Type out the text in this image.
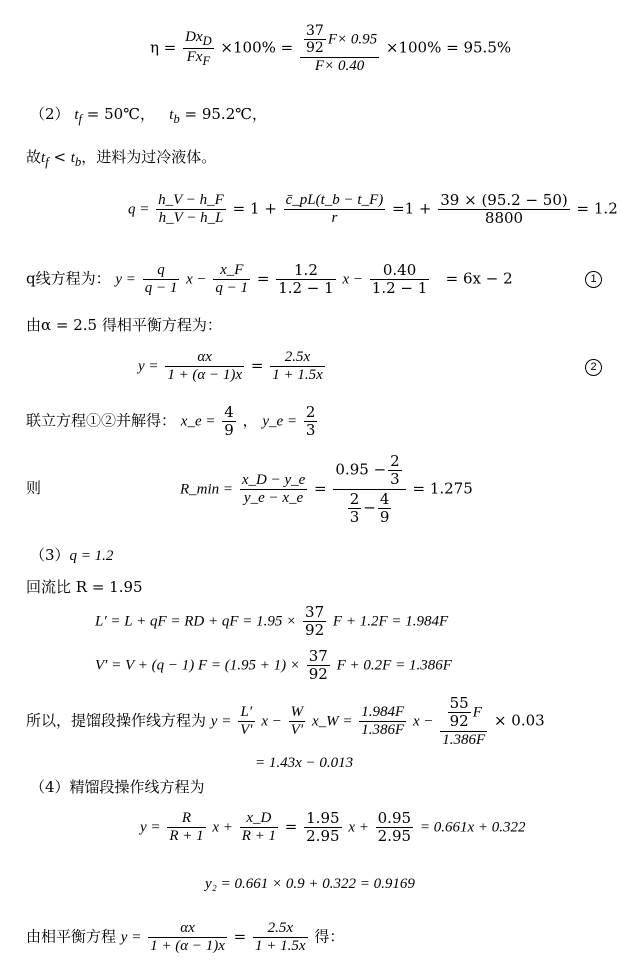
$\eta = \frac{Dx_D}{Fx_F} \times 100\% = \frac{\frac{37}{92} F\times 0.95}{F\times 0.40} \times 100\% = 95.5\%$
（2） $t_f$ = 50℃， $t_b$ = 95.2℃，
故$t_f < t_b$，进料为过冷液体。
$q = \frac{h\_V - h\_F}{h\_V - h\_L} = 1 + \frac{c̄\_pL(t\_b - t\_F)}{r} =1 + \frac{39 \times (95.2 - 50)}{8800} = 1.2$
q线方程为： $y = \frac{q}{q - 1}$ $x - \frac{x\_F}{q - 1} = \frac{1.2}{1.2 - 1}$ $x - \frac{0.40}{1.2 - 1} = 6x - 2$	1
由α = 2.5 得相平衡方程为：
$y = \frac{\alpha x}{1 + (\alpha - 1)x} = \frac{2.5x}{1 + 1.5x}$	2
联立方程①②并解得： x_e = $\frac{4}{9}$ ， y_e = $\frac{2}{3}$
则	R_min = $\frac{x\_D - y\_e}{y\_e - x\_e} = \frac{0.95 - \frac{2}{3}}{\frac{2}{3} - \frac{4}{9}} = 1.275$
（3）q = 1.2
回流比 R = 1.95
L′ = L + qF = RD + qF = $1.95 \times \frac{37}{92}$ F + 1.2F = 1.984F
V′ = V + (q − 1) $F = (1.95 + 1) \times \frac{37}{92}$ F + 0.2F = 1.386F
所以，提馏段操作线方程为 $y = \frac{L'}{V'}$ $x - \frac{W}{V'}$ x_W = $\frac{1.984F}{1.386F}$ $x - \frac{\frac{55}{92} F}{1.386F} \times 0.03$
= 1.43x − 0.013
（4）精馏段操作线方程为
$y = \frac{R}{R + 1}$ $x + \frac{x\_D}{R + 1} = \frac{1.95}{2.95}$ $x + \frac{0.95}{2.95} = 0.661x + 0.322$
y₂ = 0.661 × 0.9 + 0.322 = 0.9169
由相平衡方程 $y = \frac{\alpha x}{1 + (\alpha - 1)x} = \frac{2.5x}{1 + 1.5x}$ 得：
